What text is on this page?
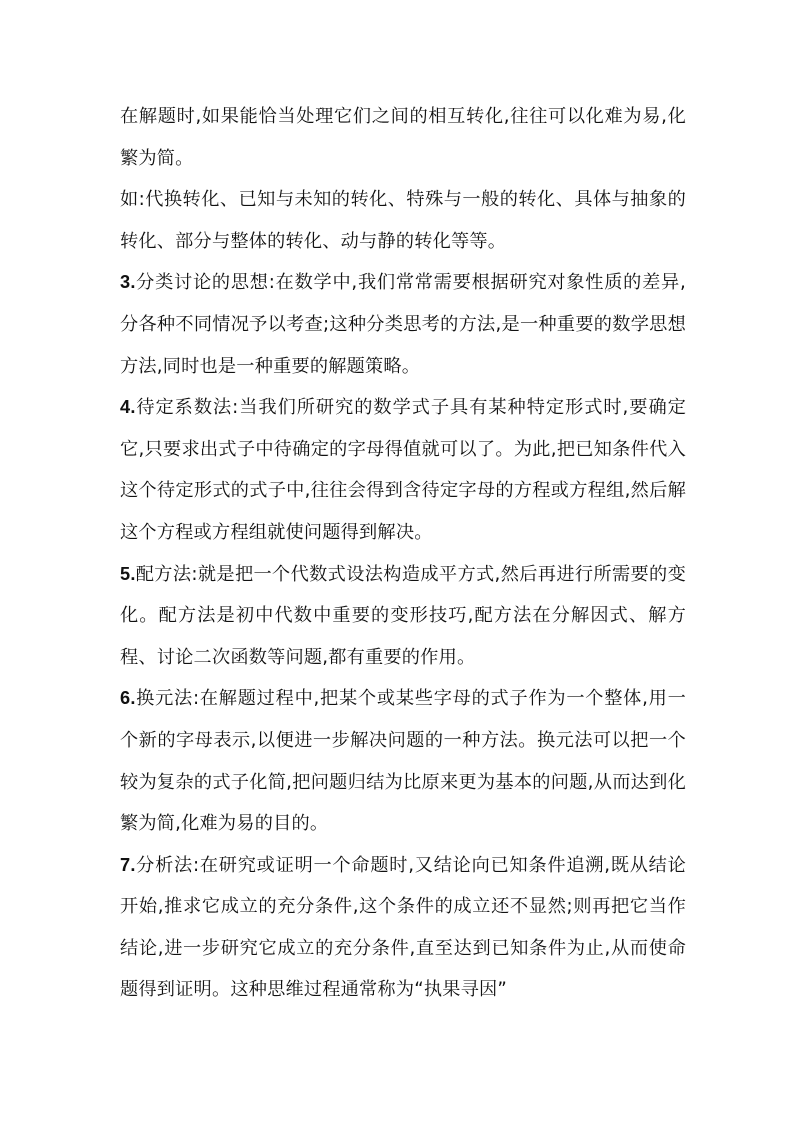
在解题时,如果能恰当处理它们之间的相互转化,往往可以化难为易,化繁为简。

如:代换转化、已知与未知的转化、特殊与一般的转化、具体与抽象的转化、部分与整体的转化、动与静的转化等等。

3.分类讨论的思想:在数学中,我们常常需要根据研究对象性质的差异,分各种不同情况予以考查;这种分类思考的方法,是一种重要的数学思想方法,同时也是一种重要的解题策略。

4.待定系数法:当我们所研究的数学式子具有某种特定形式时,要确定它,只要求出式子中待确定的字母得值就可以了。为此,把已知条件代入这个待定形式的式子中,往往会得到含待定字母的方程或方程组,然后解这个方程或方程组就使问题得到解决。

5.配方法:就是把一个代数式设法构造成平方式,然后再进行所需要的变化。配方法是初中代数中重要的变形技巧,配方法在分解因式、解方程、讨论二次函数等问题,都有重要的作用。

6.换元法:在解题过程中,把某个或某些字母的式子作为一个整体,用一个新的字母表示,以便进一步解决问题的一种方法。换元法可以把一个较为复杂的式子化简,把问题归结为比原来更为基本的问题,从而达到化繁为简,化难为易的目的。

7.分析法:在研究或证明一个命题时,又结论向已知条件追溯,既从结论开始,推求它成立的充分条件,这个条件的成立还不显然;则再把它当作结论,进一步研究它成立的充分条件,直至达到已知条件为止,从而使命题得到证明。这种思维过程通常称为“执果寻因”
